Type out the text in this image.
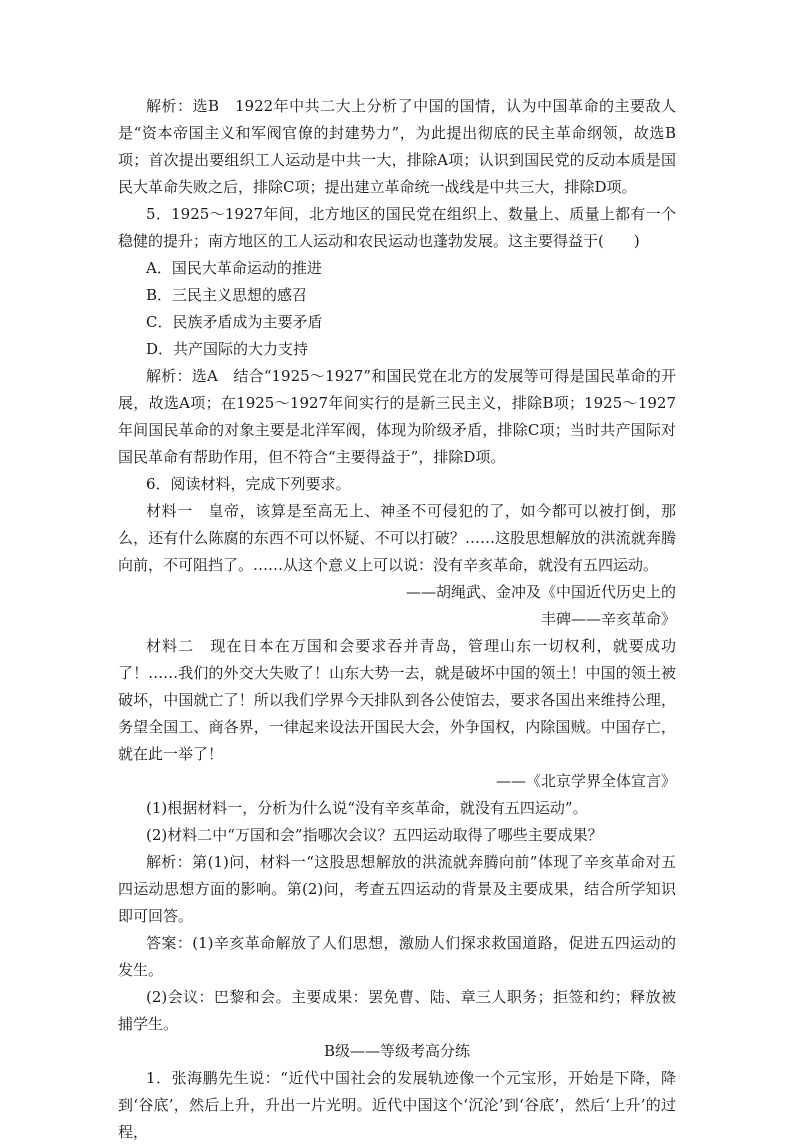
解析：选B　1922年中共二大上分析了中国的国情，认为中国革命的主要敌人是“资本帝国主义和军阀官僚的封建势力”，为此提出彻底的民主革命纲领，故选B项；首次提出要组织工人运动是中共一大，排除A项；认识到国民党的反动本质是国民大革命失败之后，排除C项；提出建立革命统一战线是中共三大，排除D项。

5．1925～1927年间，北方地区的国民党在组织上、数量上、质量上都有一个稳健的提升；南方地区的工人运动和农民运动也蓬勃发展。这主要得益于(　　)

A．国民大革命运动的推进

B．三民主义思想的感召

C．民族矛盾成为主要矛盾

D．共产国际的大力支持

解析：选A　结合“1925～1927”和国民党在北方的发展等可得是国民革命的开展，故选A项；在1925～1927年间实行的是新三民主义，排除B项；1925～1927年间国民革命的对象主要是北洋军阀，体现为阶级矛盾，排除C项；当时共产国际对国民革命有帮助作用，但不符合“主要得益于”，排除D项。

6．阅读材料，完成下列要求。

材料一　皇帝，该算是至高无上、神圣不可侵犯的了，如今都可以被打倒，那么，还有什么陈腐的东西不可以怀疑、不可以打破？……这股思想解放的洪流就奔腾向前，不可阻挡了。……从这个意义上可以说：没有辛亥革命，就没有五四运动。

——胡绳武、金冲及《中国近代历史上的

丰碑——辛亥革命》

材料二　现在日本在万国和会要求吞并青岛，管理山东一切权利，就要成功了！……我们的外交大失败了！山东大势一去，就是破坏中国的领土！中国的领土被破坏，中国就亡了！所以我们学界今天排队到各公使馆去，要求各国出来维持公理，务望全国工、商各界，一律起来设法开国民大会，外争国权，内除国贼。中国存亡，就在此一举了！

——《北京学界全体宣言》

(1)根据材料一，分析为什么说“没有辛亥革命，就没有五四运动”。

(2)材料二中“万国和会”指哪次会议？五四运动取得了哪些主要成果？

解析：第(1)问，材料一“这股思想解放的洪流就奔腾向前”体现了辛亥革命对五四运动思想方面的影响。第(2)问，考查五四运动的背景及主要成果，结合所学知识即可回答。

答案：(1)辛亥革命解放了人们思想，激励人们探求救国道路，促进五四运动的发生。

(2)会议：巴黎和会。主要成果：罢免曹、陆、章三人职务；拒签和约；释放被捕学生。

B级——等级考高分练

1．张海鹏先生说：“近代中国社会的发展轨迹像一个元宝形，开始是下降，降到‘谷底’，然后上升，升出一片光明。近代中国这个‘沉沦’到‘谷底’，然后‘上升’的过程，
